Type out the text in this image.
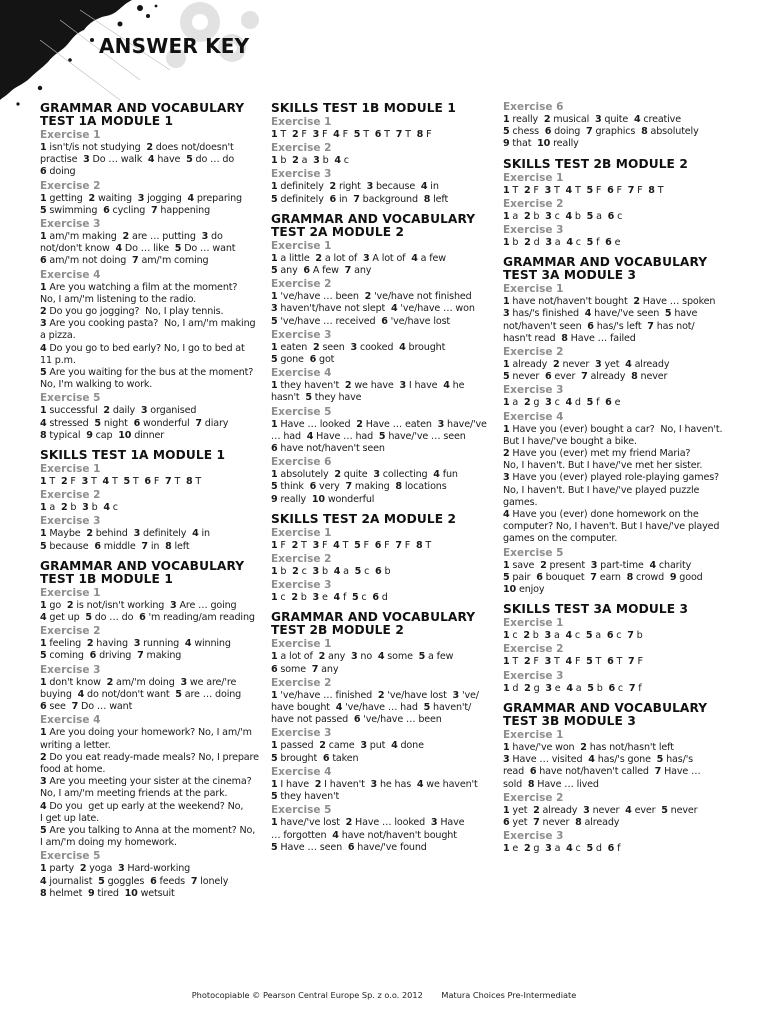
ANSWER KEY
GRAMMAR AND VOCABULARY
TEST 1A MODULE 1
Exercise 1
1 isn't/is not studying  2 does not/doesn't
practise  3 Do … walk  4 have  5 do … do
6 doing
Exercise 2
1 getting  2 waiting  3 jogging  4 preparing
5 swimming  6 cycling  7 happening
Exercise 3
1 am/'m making  2 are … putting  3 do
not/don't know  4 Do … like  5 Do … want
6 am/'m not doing  7 am/'m coming
Exercise 4
1 Are you watching a film at the moment?
No, I am/'m listening to the radio.
2 Do you go jogging?  No, I play tennis.
3 Are you cooking pasta?  No, I am/'m making
a pizza.
4 Do you go to bed early? No, I go to bed at
11 p.m.
5 Are you waiting for the bus at the moment?
No, I'm walking to work.
Exercise 5
1 successful  2 daily  3 organised
4 stressed  5 night  6 wonderful  7 diary
8 typical  9 cap  10 dinner
SKILLS TEST 1A MODULE 1
Exercise 1
1 T  2 F  3 T  4 T  5 T  6 F  7 T  8 T
Exercise 2
1 a  2 b  3 b  4 c
Exercise 3
1 Maybe  2 behind  3 definitely  4 in
5 because  6 middle  7 in  8 left
GRAMMAR AND VOCABULARY
TEST 1B MODULE 1
Exercise 1
1 go  2 is not/isn't working  3 Are … going
4 get up  5 do … do  6 'm reading/am reading
Exercise 2
1 feeling  2 having  3 running  4 winning
5 coming  6 driving  7 making
Exercise 3
1 don't know  2 am/'m doing  3 we are/'re
buying  4 do not/don't want  5 are … doing
6 see  7 Do … want
Exercise 4
1 Are you doing your homework? No, I am/'m
writing a letter.
2 Do you eat ready-made meals? No, I prepare
food at home.
3 Are you meeting your sister at the cinema?
No, I am/'m meeting friends at the park.
4 Do you  get up early at the weekend? No,
I get up late.
5 Are you talking to Anna at the moment? No,
I am/'m doing my homework.
Exercise 5
1 party  2 yoga  3 Hard-working
4 journalist  5 goggles  6 feeds  7 lonely
8 helmet  9 tired  10 wetsuit
SKILLS TEST 1B MODULE 1
Exercise 1
1 T  2 F  3 F  4 F  5 T  6 T  7 T  8 F
Exercise 2
1 b  2 a  3 b  4 c
Exercise 3
1 definitely  2 right  3 because  4 in
5 definitely  6 in  7 background  8 left
GRAMMAR AND VOCABULARY
TEST 2A MODULE 2
Exercise 1
1 a little  2 a lot of  3 A lot of  4 a few
5 any  6 A few  7 any
Exercise 2
1 've/have … been  2 've/have not finished
3 haven't/have not slept  4 've/have … won
5 've/have … received  6 've/have lost
Exercise 3
1 eaten  2 seen  3 cooked  4 brought
5 gone  6 got
Exercise 4
1 they haven't  2 we have  3 I have  4 he
hasn't  5 they have
Exercise 5
1 Have … looked  2 Have … eaten  3 have/'ve
… had  4 Have … had  5 have/'ve … seen
6 have not/haven't seen
Exercise 6
1 absolutely  2 quite  3 collecting  4 fun
5 think  6 very  7 making  8 locations
9 really  10 wonderful
SKILLS TEST 2A MODULE 2
Exercise 1
1 F  2 T  3 F  4 T  5 F  6 F  7 F  8 T
Exercise 2
1 b  2 c  3 b  4 a  5 c  6 b
Exercise 3
1 c  2 b  3 e  4 f  5 c  6 d
GRAMMAR AND VOCABULARY
TEST 2B MODULE 2
Exercise 1
1 a lot of  2 any  3 no  4 some  5 a few
6 some  7 any
Exercise 2
1 've/have … finished  2 've/have lost  3 've/
have bought  4 've/have … had  5 haven't/
have not passed  6 've/have … been
Exercise 3
1 passed  2 came  3 put  4 done
5 brought  6 taken
Exercise 4
1 I have  2 I haven't  3 he has  4 we haven't
5 they haven't
Exercise 5
1 have/'ve lost  2 Have … looked  3 Have
… forgotten  4 have not/haven't bought
5 Have … seen  6 have/'ve found
Exercise 6
1 really  2 musical  3 quite  4 creative
5 chess  6 doing  7 graphics  8 absolutely
9 that  10 really
SKILLS TEST 2B MODULE 2
Exercise 1
1 T  2 F  3 T  4 T  5 F  6 F  7 F  8 T
Exercise 2
1 a  2 b  3 c  4 b  5 a  6 c
Exercise 3
1 b  2 d  3 a  4 c  5 f  6 e
GRAMMAR AND VOCABULARY
TEST 3A MODULE 3
Exercise 1
1 have not/haven't bought  2 Have … spoken
3 has/'s finished  4 have/'ve seen  5 have
not/haven't seen  6 has/'s left  7 has not/
hasn't read  8 Have … failed
Exercise 2
1 already  2 never  3 yet  4 already
5 never  6 ever  7 already  8 never
Exercise 3
1 a  2 g  3 c  4 d  5 f  6 e
Exercise 4
1 Have you (ever) bought a car?  No, I haven't.
But I have/'ve bought a bike.
2 Have you (ever) met my friend Maria?
No, I haven't. But I have/'ve met her sister.
3 Have you (ever) played role-playing games?
No, I haven't. But I have/'ve played puzzle
games.
4 Have you (ever) done homework on the
computer? No, I haven't. But I have/'ve played
games on the computer.
Exercise 5
1 save  2 present  3 part-time  4 charity
5 pair  6 bouquet  7 earn  8 crowd  9 good
10 enjoy
SKILLS TEST 3A MODULE 3
Exercise 1
1 c  2 b  3 a  4 c  5 a  6 c  7 b
Exercise 2
1 T  2 F  3 T  4 F  5 T  6 T  7 F
Exercise 3
1 d  2 g  3 e  4 a  5 b  6 c  7 f
GRAMMAR AND VOCABULARY
TEST 3B MODULE 3
Exercise 1
1 have/'ve won  2 has not/hasn't left
3 Have … visited  4 has/'s gone  5 has/'s
read  6 have not/haven't called  7 Have …
sold  8 Have … lived
Exercise 2
1 yet  2 already  3 never  4 ever  5 never
6 yet  7 never  8 already
Exercise 3
1 e  2 g  3 a  4 c  5 d  6 f
Photocopiable © Pearson Central Europe Sp. z o.o. 2012 Matura Choices Pre-Intermediate
